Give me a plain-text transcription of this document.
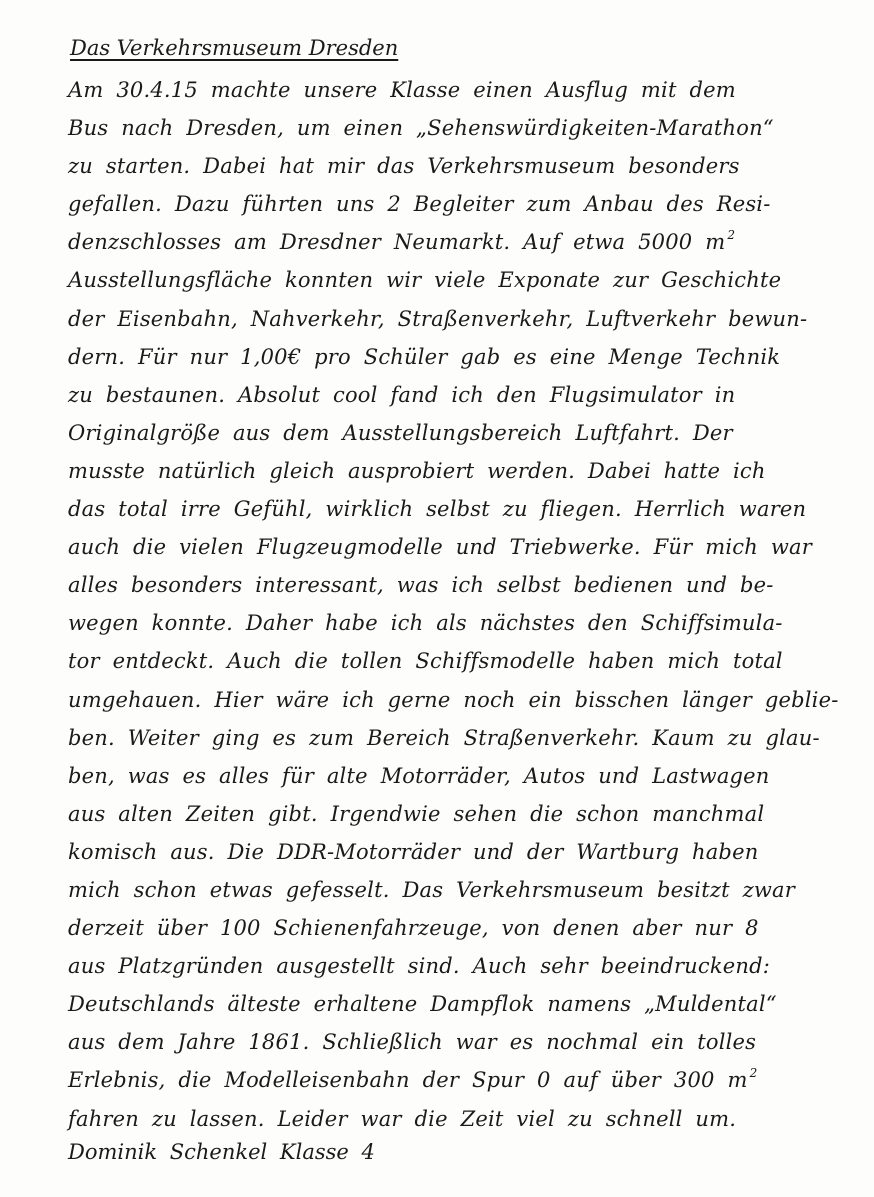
Das Verkehrsmuseum Dresden
Am 30.4.15 machte unsere Klasse einen Ausflug mit dem
Bus nach Dresden, um einen „Sehenswürdigkeiten-Marathon“
zu starten. Dabei hat mir das Verkehrsmuseum besonders
gefallen. Dazu führten uns 2 Begleiter zum Anbau des Resi-
denzschlosses am Dresdner Neumarkt. Auf etwa 5000 m $^2$
Ausstellungsfläche konnten wir viele Exponate zur Geschichte
der Eisenbahn, Nahverkehr, Straßenverkehr, Luftverkehr bewun-
dern. Für nur 1,00€ pro Schüler gab es eine Menge Technik
zu bestaunen. Absolut cool fand ich den Flugsimulator in
Originalgröße aus dem Ausstellungsbereich Luftfahrt. Der
musste natürlich gleich ausprobiert werden. Dabei hatte ich
das total irre Gefühl, wirklich selbst zu fliegen. Herrlich waren
auch die vielen Flugzeugmodelle und Triebwerke. Für mich war
alles besonders interessant, was ich selbst bedienen und be-
wegen konnte. Daher habe ich als nächstes den Schiffsimula-
tor entdeckt. Auch die tollen Schiffsmodelle haben mich total
umgehauen. Hier wäre ich gerne noch ein bisschen länger geblie-
ben. Weiter ging es zum Bereich Straßenverkehr. Kaum zu glau-
ben, was es alles für alte Motorräder, Autos und Lastwagen
aus alten Zeiten gibt. Irgendwie sehen die schon manchmal
komisch aus. Die DDR-Motorräder und der Wartburg haben
mich schon etwas gefesselt. Das Verkehrsmuseum besitzt zwar
derzeit über 100 Schienenfahrzeuge, von denen aber nur 8
aus Platzgründen ausgestellt sind. Auch sehr beeindruckend:
Deutschlands älteste erhaltene Dampflok namens „Muldental“
aus dem Jahre 1861. Schließlich war es nochmal ein tolles
Erlebnis, die Modelleisenbahn der Spur 0 auf über 300 m $^2$
fahren zu lassen. Leider war die Zeit viel zu schnell um.
Dominik Schenkel Klasse 4
